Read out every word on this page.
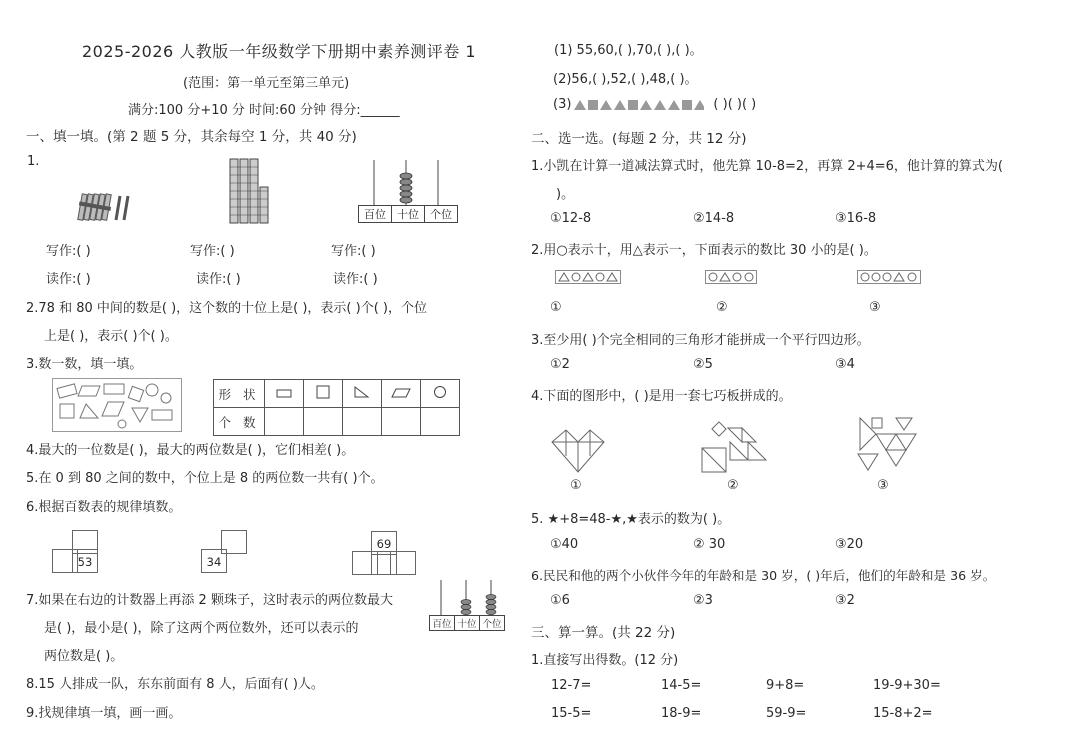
2025-2026 人教版一年级数学下册期中素养测评卷 1
(范围：第一单元至第三单元)
满分:100 分+10 分 时间:60 分钟 得分:______
一、填一填。(第 2 题 5 分，其余每空 1 分，共 40 分)
1.
百位	十位	个位
写作:( )	写作:( )	写作:( )
读作:( )	读作:( )	读作:( )
2.78 和 80 中间的数是( )，这个数的十位上是( )，表示( )个( )，个位
上是( )，表示( )个( )。
3.数一数，填一填。
形 状					
个 数					
4.最大的一位数是( )，最大的两位数是( )，它们相差( )。
5.在 0 到 80 之间的数中，个位上是 8 的两位数一共有( )个。
6.根据百数表的规律填数。
53	34
69
7.如果在右边的计数器上再添 2 颗珠子，这时表示的两位数最大
是( )，最小是( )，除了这两个两位数外，还可以表示的
两位数是( )。
百位 十位 个位
8.15 人排成一队，东东前面有 8 人，后面有( )人。
9.找规律填一填，画一画。
(1) 55,60,( ),70,( ),( )。
(2)56,( ),52,( ),48,( )。
(3)	( )( )( )
二、选一选。(每题 2 分，共 12 分)
1.小凯在计算一道减法算式时，他先算 10-8=2，再算 2+4=6，他计算的算式为(
)。
①12-8	②14-8	③16-8
2.用○表示十，用△表示一，下面表示的数比 30 小的是( )。
①	②	③
3.至少用( )个完全相同的三角形才能拼成一个平行四边形。
①2	②5	③4
4.下面的图形中，( )是用一套七巧板拼成的。
①	②	③
5. ★+8=48-★,★表示的数为( )。
①40	② 30	③20
6.民民和他的两个小伙伴今年的年龄和是 30 岁，( )年后，他们的年龄和是 36 岁。
①6	②3	③2
三、算一算。(共 22 分)
1.直接写出得数。(12 分)
12-7=	14-5=	9+8=	19-9+30=
15-5=	18-9=	59-9=	15-8+2=
